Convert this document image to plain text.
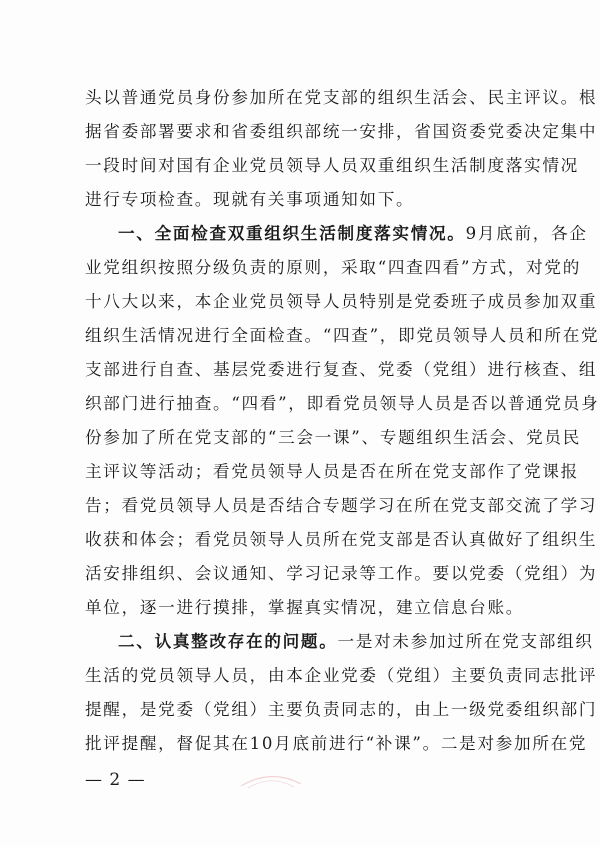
头以普通党员身份参加所在党支部的组织生活会、民主评议。根
据省委部署要求和省委组织部统一安排，省国资委党委决定集中
一段时间对国有企业党员领导人员双重组织生活制度落实情况
进行专项检查。现就有关事项通知如下。
一、全面检查双重组织生活制度落实情况。9月底前，各企
业党组织按照分级负责的原则，采取“四查四看”方式，对党的
十八大以来，本企业党员领导人员特别是党委班子成员参加双重
组织生活情况进行全面检查。“四查”，即党员领导人员和所在党
支部进行自查、基层党委进行复查、党委（党组）进行核查、组
织部门进行抽查。“四看”，即看党员领导人员是否以普通党员身
份参加了所在党支部的“三会一课”、专题组织生活会、党员民
主评议等活动；看党员领导人员是否在所在党支部作了党课报
告；看党员领导人员是否结合专题学习在所在党支部交流了学习
收获和体会；看党员领导人员所在党支部是否认真做好了组织生
活安排组织、会议通知、学习记录等工作。要以党委（党组）为
单位，逐一进行摸排，掌握真实情况，建立信息台账。
二、认真整改存在的问题。一是对未参加过所在党支部组织
生活的党员领导人员，由本企业党委（党组）主要负责同志批评
提醒，是党委（党组）主要负责同志的，由上一级党委组织部门
批评提醒，督促其在10月底前进行“补课”。二是对参加所在党
— 2 —
